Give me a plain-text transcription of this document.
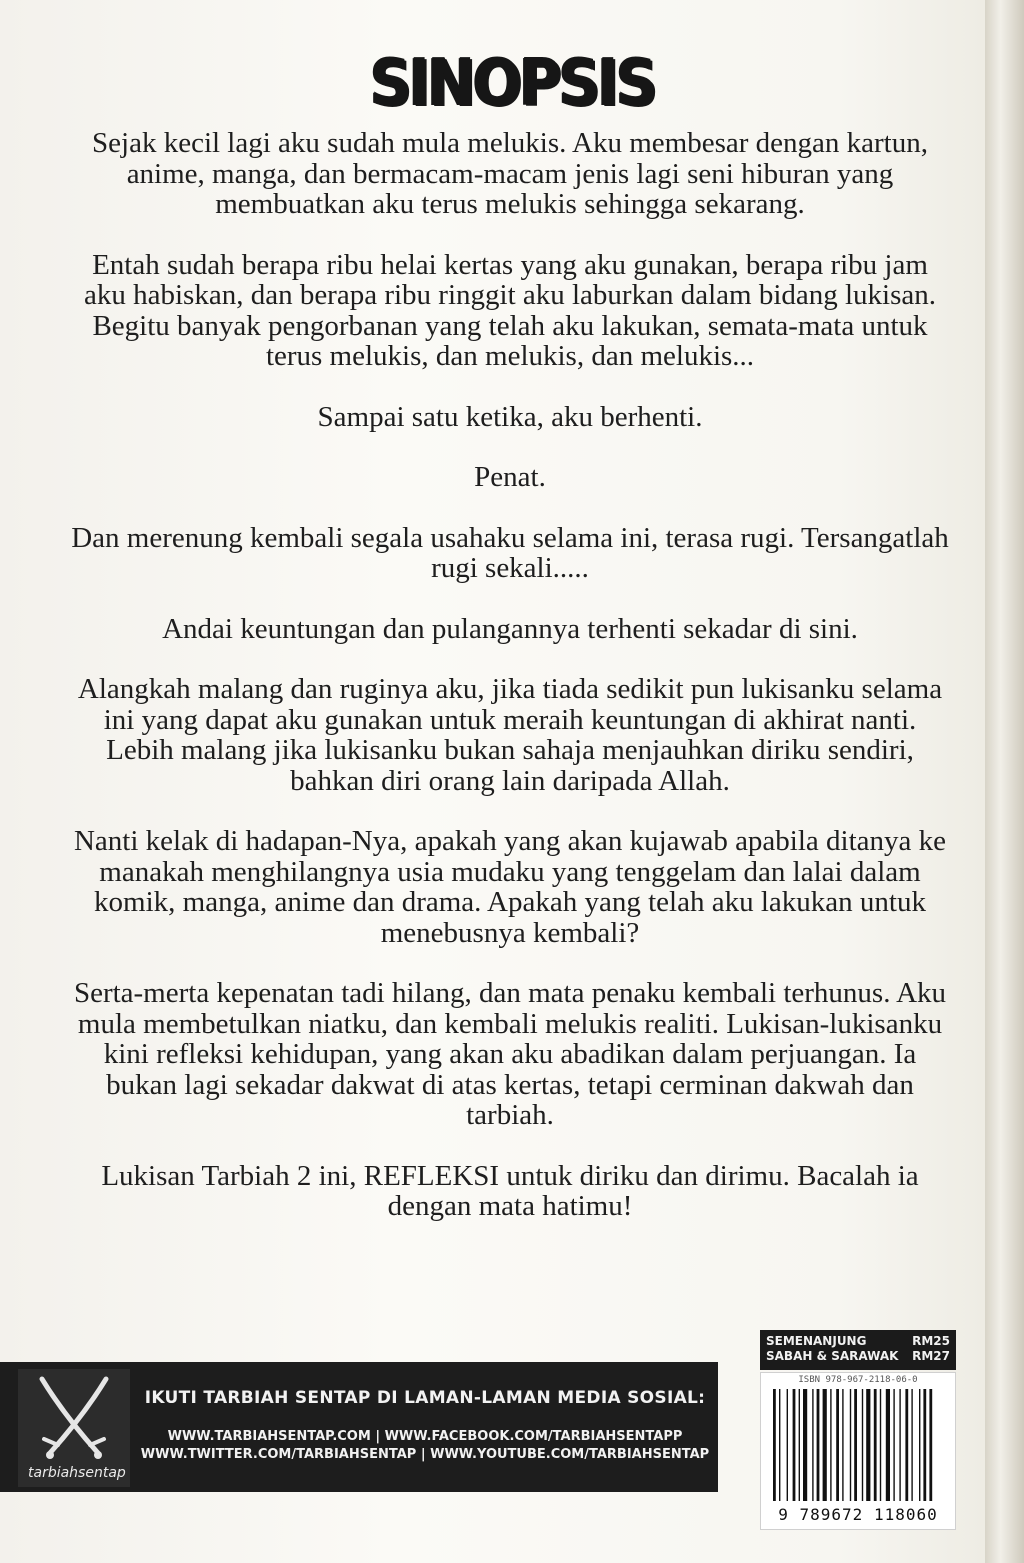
SINOPSIS

Sejak kecil lagi aku sudah mula melukis. Aku membesar dengan kartun, anime, manga, dan bermacam-macam jenis lagi seni hiburan yang membuatkan aku terus melukis sehingga sekarang.

Entah sudah berapa ribu helai kertas yang aku gunakan, berapa ribu jam aku habiskan, dan berapa ribu ringgit aku laburkan dalam bidang lukisan. Begitu banyak pengorbanan yang telah aku lakukan, semata-mata untuk terus melukis, dan melukis, dan melukis...

Sampai satu ketika, aku berhenti.

Penat.

Dan merenung kembali segala usahaku selama ini, terasa rugi. Tersangatlah rugi sekali.....

Andai keuntungan dan pulangannya terhenti sekadar di sini.

Alangkah malang dan ruginya aku, jika tiada sedikit pun lukisanku selama ini yang dapat aku gunakan untuk meraih keuntungan di akhirat nanti. Lebih malang jika lukisanku bukan sahaja menjauhkan diriku sendiri, bahkan diri orang lain daripada Allah.

Nanti kelak di hadapan-Nya, apakah yang akan kujawab apabila ditanya ke manakah menghilangnya usia mudaku yang tenggelam dan lalai dalam komik, manga, anime dan drama. Apakah yang telah aku lakukan untuk menebusnya kembali?

Serta-merta kepenatan tadi hilang, dan mata penaku kembali terhunus. Aku mula membetulkan niatku, dan kembali melukis realiti. Lukisan-lukisanku kini refleksi kehidupan, yang akan aku abadikan dalam perjuangan. Ia bukan lagi sekadar dakwat di atas kertas, tetapi cerminan dakwah dan tarbiah.

Lukisan Tarbiah 2 ini, REFLEKSI untuk diriku dan dirimu. Bacalah ia dengan mata hatimu!

tarbiahsentap
IKUTI TARBIAH SENTAP DI LAMAN-LAMAN MEDIA SOSIAL:
WWW.TARBIAHSENTAP.COM | WWW.FACEBOOK.COM/TARBIAHSENTAPP
WWW.TWITTER.COM/TARBIAHSENTAP | WWW.YOUTUBE.COM/TARBIAHSENTAP
SEMENANJUNG	RM25
SABAH & SARAWAK RM27
ISBN 978-967-2118-06-0
9 789672 118060
